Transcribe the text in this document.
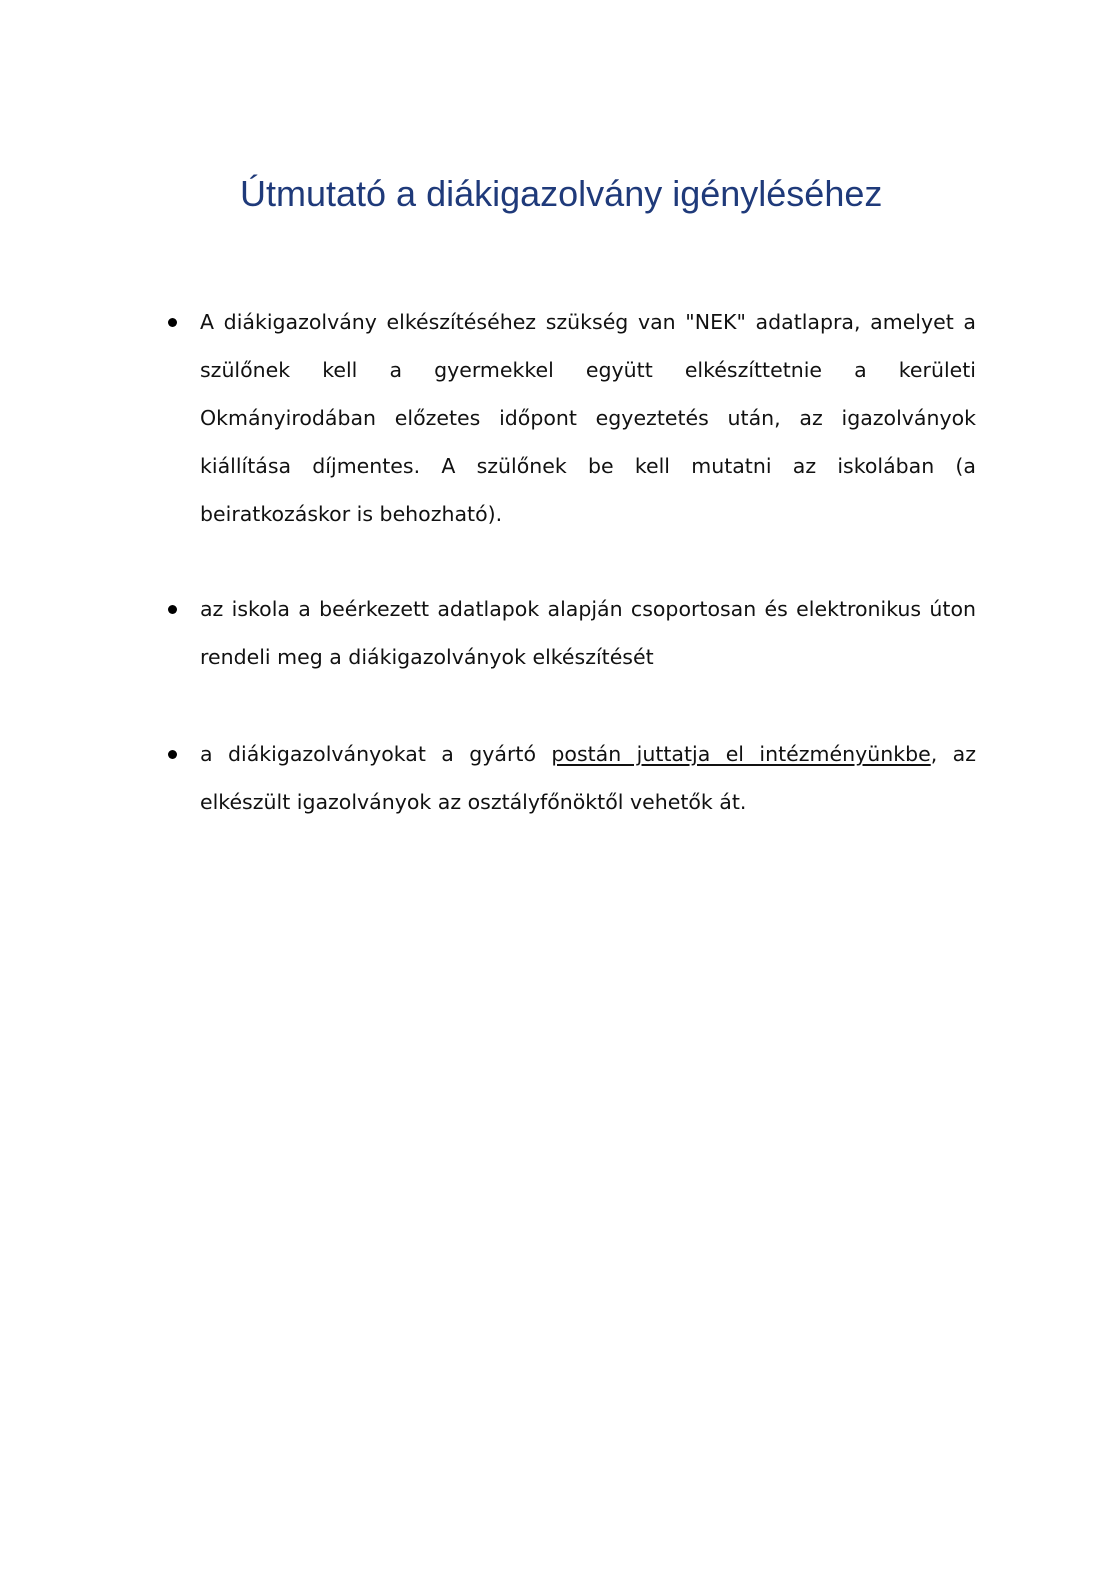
Útmutató a diákigazolvány igényléséhez
A diákigazolvány elkészítéséhez szükség van "NEK" adatlapra, amelyet a szülőnek kell a gyermekkel együtt elkészíttetnie a kerületi Okmányirodában előzetes időpont egyeztetés után, az igazolványok kiállítása díjmentes. A szülőnek be kell mutatni az iskolában (a beiratkozáskor is behozható).
az iskola a beérkezett adatlapok alapján csoportosan és elektronikus úton rendeli meg a diákigazolványok elkészítését
a diákigazolványokat a gyártó postán juttatja el intézményünkbe, az elkészült igazolványok az osztályfőnöktől vehetők át.
